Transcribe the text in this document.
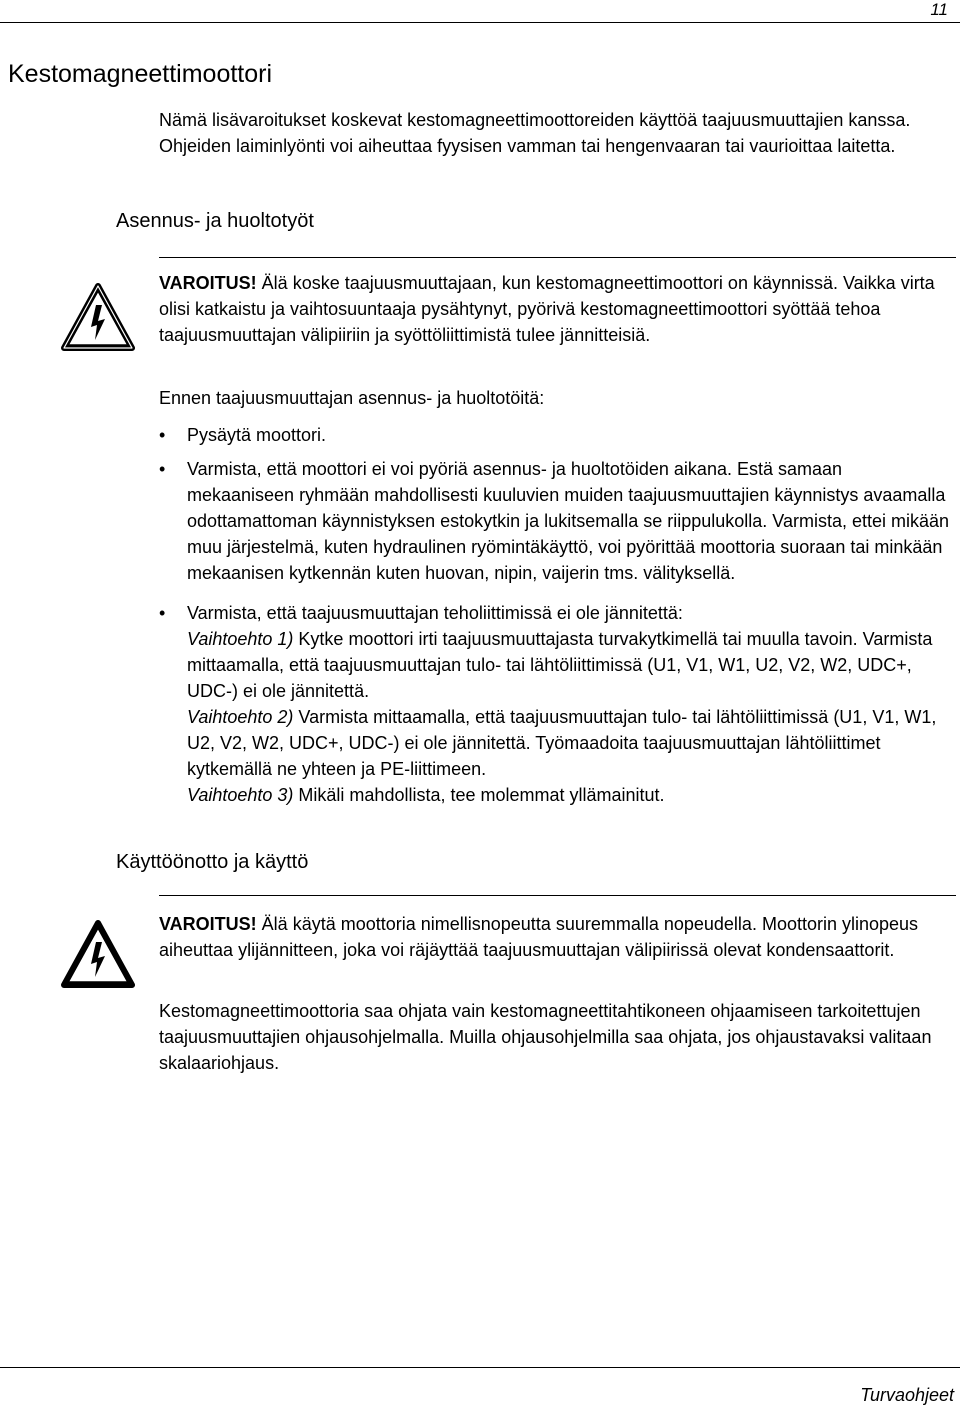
11
Kestomagneettimoottori

Nämä lisävaroitukset koskevat kestomagneettimoottoreiden käyttöä taajuusmuuttajien kanssa. Ohjeiden laiminlyönti voi aiheuttaa fyysisen vamman tai hengenvaaran tai vaurioittaa laitetta.

Asennus- ja huoltotyöt

VAROITUS! Älä koske taajuusmuuttajaan, kun kestomagneettimoottori on käynnissä. Vaikka virta olisi katkaistu ja vaihtosuuntaaja pysähtynyt, pyörivä kestomagneettimoottori syöttää tehoa taajuusmuuttajan välipiiriin ja syöttöliittimistä tulee jännitteisiä.

Ennen taajuusmuuttajan asennus- ja huoltotöitä:

• Pysäytä moottori.
• Varmista, että moottori ei voi pyöriä asennus- ja huoltotöiden aikana. Estä samaan mekaaniseen ryhmään mahdollisesti kuuluvien muiden taajuusmuuttajien käynnistys avaamalla odottamattoman käynnistyksen estokytkin ja lukitsemalla se riippulukolla. Varmista, ettei mikään muu järjestelmä, kuten hydraulinen ryömintäkäyttö, voi pyörittää moottoria suoraan tai minkään mekaanisen kytkennän kuten huovan, nipin, vaijerin tms. välityksellä.
• Varmista, että taajuusmuuttajan teholiittimissä ei ole jännitettä:
Vaihtoehto 1) Kytke moottori irti taajuusmuuttajasta turvakytkimellä tai muulla tavoin. Varmista mittaamalla, että taajuusmuuttajan tulo- tai lähtöliittimissä (U1, V1, W1, U2, V2, W2, UDC+, UDC-) ei ole jännitettä.
Vaihtoehto 2) Varmista mittaamalla, että taajuusmuuttajan tulo- tai lähtöliittimissä (U1, V1, W1, U2, V2, W2, UDC+, UDC-) ei ole jännitettä. Työmaadoita taajuusmuuttajan lähtöliittimet kytkemällä ne yhteen ja PE-liittimeen.
Vaihtoehto 3) Mikäli mahdollista, tee molemmat yllämainitut.
Käyttöönotto ja käyttö

VAROITUS! Älä käytä moottoria nimellisnopeutta suuremmalla nopeudella. Moottorin ylinopeus aiheuttaa ylijännitteen, joka voi räjäyttää taajuusmuuttajan välipiirissä olevat kondensaattorit.

Kestomagneettimoottoria saa ohjata vain kestomagneettitahtikoneen ohjaamiseen tarkoitettujen taajuusmuuttajien ohjausohjelmalla. Muilla ohjausohjelmilla saa ohjata, jos ohjaustavaksi valitaan skalaariohjaus.

Turvaohjeet
